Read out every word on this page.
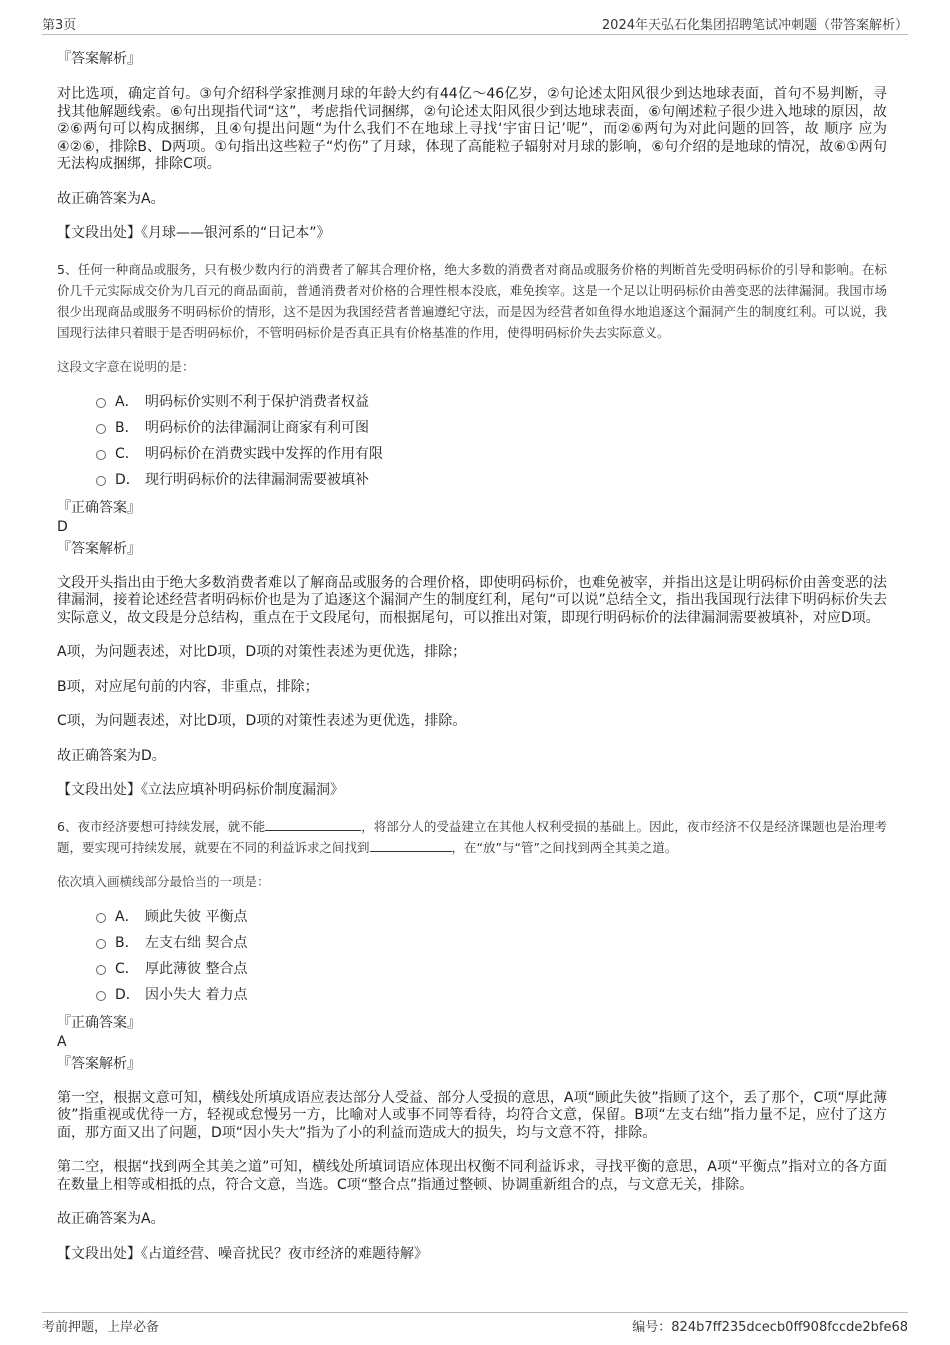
第3页	2024年天弘石化集团招聘笔试冲刺题（带答案解析）
『答案解析』

对比选项，确定首句。③句介绍科学家推测月球的年龄大约有44亿～46亿岁，②句论述太阳风很少到达地球表面，首句不易判断，寻找其他解题线索。⑥句出现指代词“这”，考虑指代词捆绑，②句论述太阳风很少到达地球表面，⑥句阐述粒子很少进入地球的原因，故②⑥两句可以构成捆绑，且④句提出问题“为什么我们不在地球上寻找‘宇宙日记’呢”，而②⑥两句为对此问题的回答，故 顺序 应为④②⑥，排除B、D两项。①句指出这些粒子“灼伤”了月球，体现了高能粒子辐射对月球的影响，⑥句介绍的是地球的情况，故⑥①两句无法构成捆绑，排除C项。

故正确答案为A。

【文段出处】《月球——银河系的“日记本”》

5、任何一种商品或服务，只有极少数内行的消费者了解其合理价格，绝大多数的消费者对商品或服务价格的判断首先受明码标价的引导和影响。在标价几千元实际成交价为几百元的商品面前，普通消费者对价格的合理性根本没底，难免挨宰。这是一个足以让明码标价由善变恶的法律漏洞。我国市场很少出现商品或服务不明码标价的情形，这不是因为我国经营者普遍遵纪守法，而是因为经营者如鱼得水地追逐这个漏洞产生的制度红利。可以说，我国现行法律只着眼于是否明码标价，不管明码标价是否真正具有价格基准的作用，使得明码标价失去实际意义。

这段文字意在说明的是：

A． 明码标价实则不利于保护消费者权益
B． 明码标价的法律漏洞让商家有利可图
C． 明码标价在消费实践中发挥的作用有限
D． 现行明码标价的法律漏洞需要被填补
『正确答案』
D
『答案解析』

文段开头指出由于绝大多数消费者难以了解商品或服务的合理价格，即使明码标价，也难免被宰，并指出这是让明码标价由善变恶的法律漏洞，接着论述经营者明码标价也是为了追逐这个漏洞产生的制度红利，尾句“可以说”总结全文，指出我国现行法律下明码标价失去实际意义，故文段是分总结构，重点在于文段尾句，而根据尾句，可以推出对策，即现行明码标价的法律漏洞需要被填补，对应D项。

A项，为问题表述，对比D项，D项的对策性表述为更优选，排除；

B项，对应尾句前的内容，非重点，排除；

C项，为问题表述，对比D项，D项的对策性表述为更优选，排除。

故正确答案为D。

【文段出处】《立法应填补明码标价制度漏洞》

6、夜市经济要想可持续发展，就不能	，将部分人的受益建立在其他人权利受损的基础上。因此，夜市经济不仅是经济课题也是治理考题，要实现可持续发展，就要在不同的利益诉求之间找到	，在“放”与“管”之间找到两全其美之道。

依次填入画横线部分最恰当的一项是：

A． 顾此失彼 平衡点
B． 左支右绌 契合点
C． 厚此薄彼 整合点
D． 因小失大 着力点
『正确答案』
A
『答案解析』

第一空，根据文意可知，横线处所填成语应表达部分人受益、部分人受损的意思，A项“顾此失彼”指顾了这个，丢了那个，C项“厚此薄彼”指重视或优待一方，轻视或怠慢另一方，比喻对人或事不同等看待，均符合文意，保留。B项“左支右绌”指力量不足，应付了这方面，那方面又出了问题，D项“因小失大”指为了小的利益而造成大的损失，均与文意不符，排除。

第二空，根据“找到两全其美之道”可知，横线处所填词语应体现出权衡不同利益诉求，寻找平衡的意思，A项“平衡点”指对立的各方面在数量上相等或相抵的点，符合文意，当选。C项“整合点”指通过整顿、协调重新组合的点，与文意无关，排除。

故正确答案为A。

【文段出处】《占道经营、噪音扰民？夜市经济的难题待解》

考前押题，上岸必备	编号：824b7ff235dcecb0ff908fccde2bfe68
